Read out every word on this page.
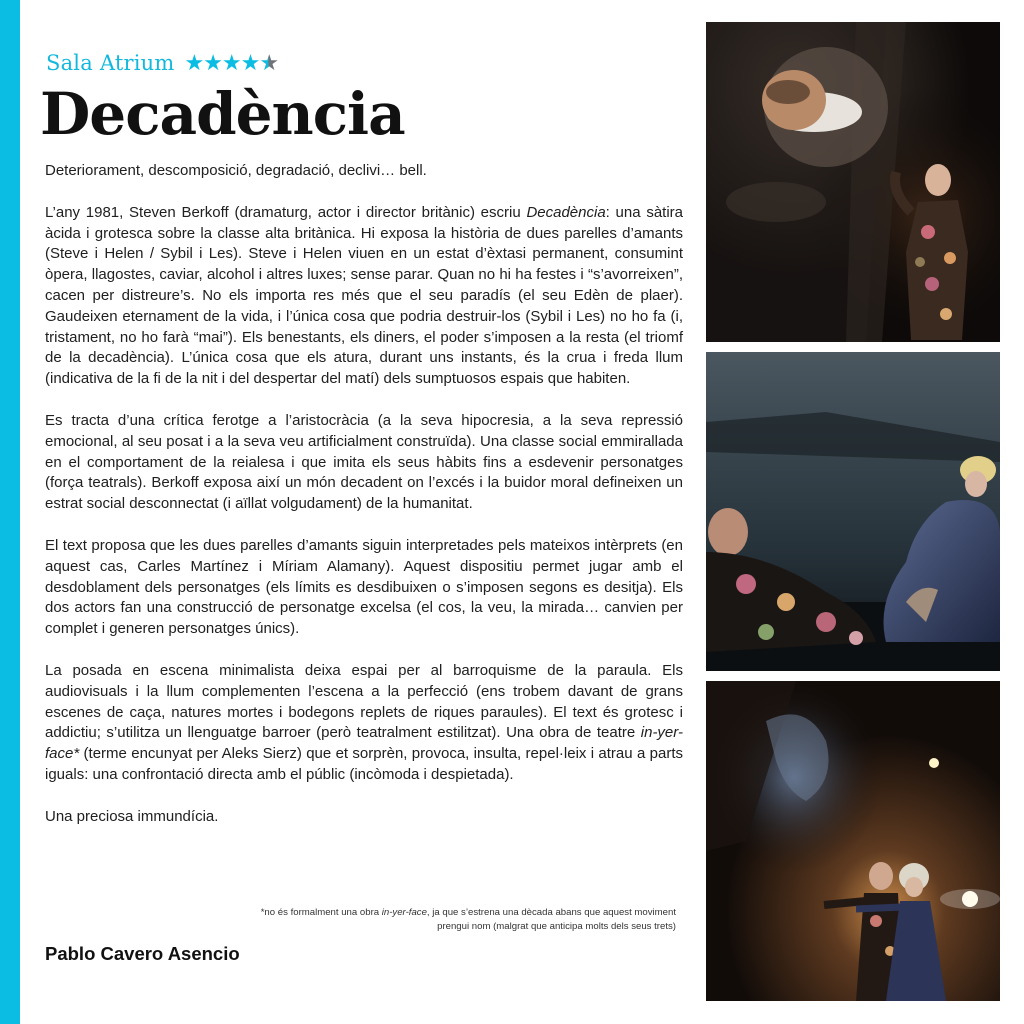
Sala Atrium ★★★★★
Decadència

Deteriorament, descomposició, degradació, declivi… bell.

L’any 1981, Steven Berkoff (dramaturg, actor i director britànic) escriu Decadència: una sàtira àcida i grotesca sobre la classe alta britànica. Hi exposa la història de dues parelles d’amants (Steve i Helen / Sybil i Les). Steve i Helen viuen en un estat d’èxtasi permanent, consumint òpera, llagostes, caviar, alcohol i altres luxes; sense parar. Quan no hi ha festes i “s’avorreixen”, cacen per distreure’s. No els importa res més que el seu paradís (el seu Edèn de plaer). Gaudeixen eternament de la vida, i l’única cosa que podria destruir-los (Sybil i Les) no ho fa (i, tristament, no ho farà “mai”). Els benestants, els diners, el poder s’imposen a la resta (el triomf de la decadència). L’única cosa que els atura, durant uns instants, és la crua i freda llum (indicativa de la fi de la nit i del despertar del matí) dels sumptuosos espais que habiten.

Es tracta d’una crítica ferotge a l’aristocràcia (a la seva hipocresia, a la seva repressió emocional, al seu posat i a la seva veu artificialment construïda). Una classe social emmirallada en el comportament de la reialesa i que imita els seus hàbits fins a esdevenir personatges (força teatrals). Berkoff exposa així un món decadent on l’excés i la buidor moral defineixen un estrat social desconnectat (i aïllat volgudament) de la humanitat.

El text proposa que les dues parelles d’amants siguin interpretades pels mateixos intèrprets (en aquest cas, Carles Martínez i Míriam Alamany). Aquest dispositiu permet jugar amb el desdoblament dels personatges (els límits es desdibuixen o s’imposen segons es desitja). Els dos actors fan una construcció de personatge excelsa (el cos, la veu, la mirada… canvien per complet i generen personatges únics).

La posada en escena minimalista deixa espai per al barroquisme de la paraula. Els audiovisuals i la llum complementen l’escena a la perfecció (ens trobem davant de grans escenes de caça, natures mortes i bodegons replets de riques paraules). El text és grotesc i addictiu; s’utilitza un llenguatge barroer (però teatralment estilitzat). Una obra de teatre in-yer-face* (terme encunyat per Aleks Sierz) que et sorprèn, provoca, insulta, repel·leix i atrau a parts iguals: una confrontació directa amb el públic (incòmoda i despietada).

Una preciosa immundícia.

*no és formalment una obra in-yer-face, ja que s’estrena una dècada abans que aquest moviment prengui nom (malgrat que anticipa molts dels seus trets)
Pablo Cavero Asencio
